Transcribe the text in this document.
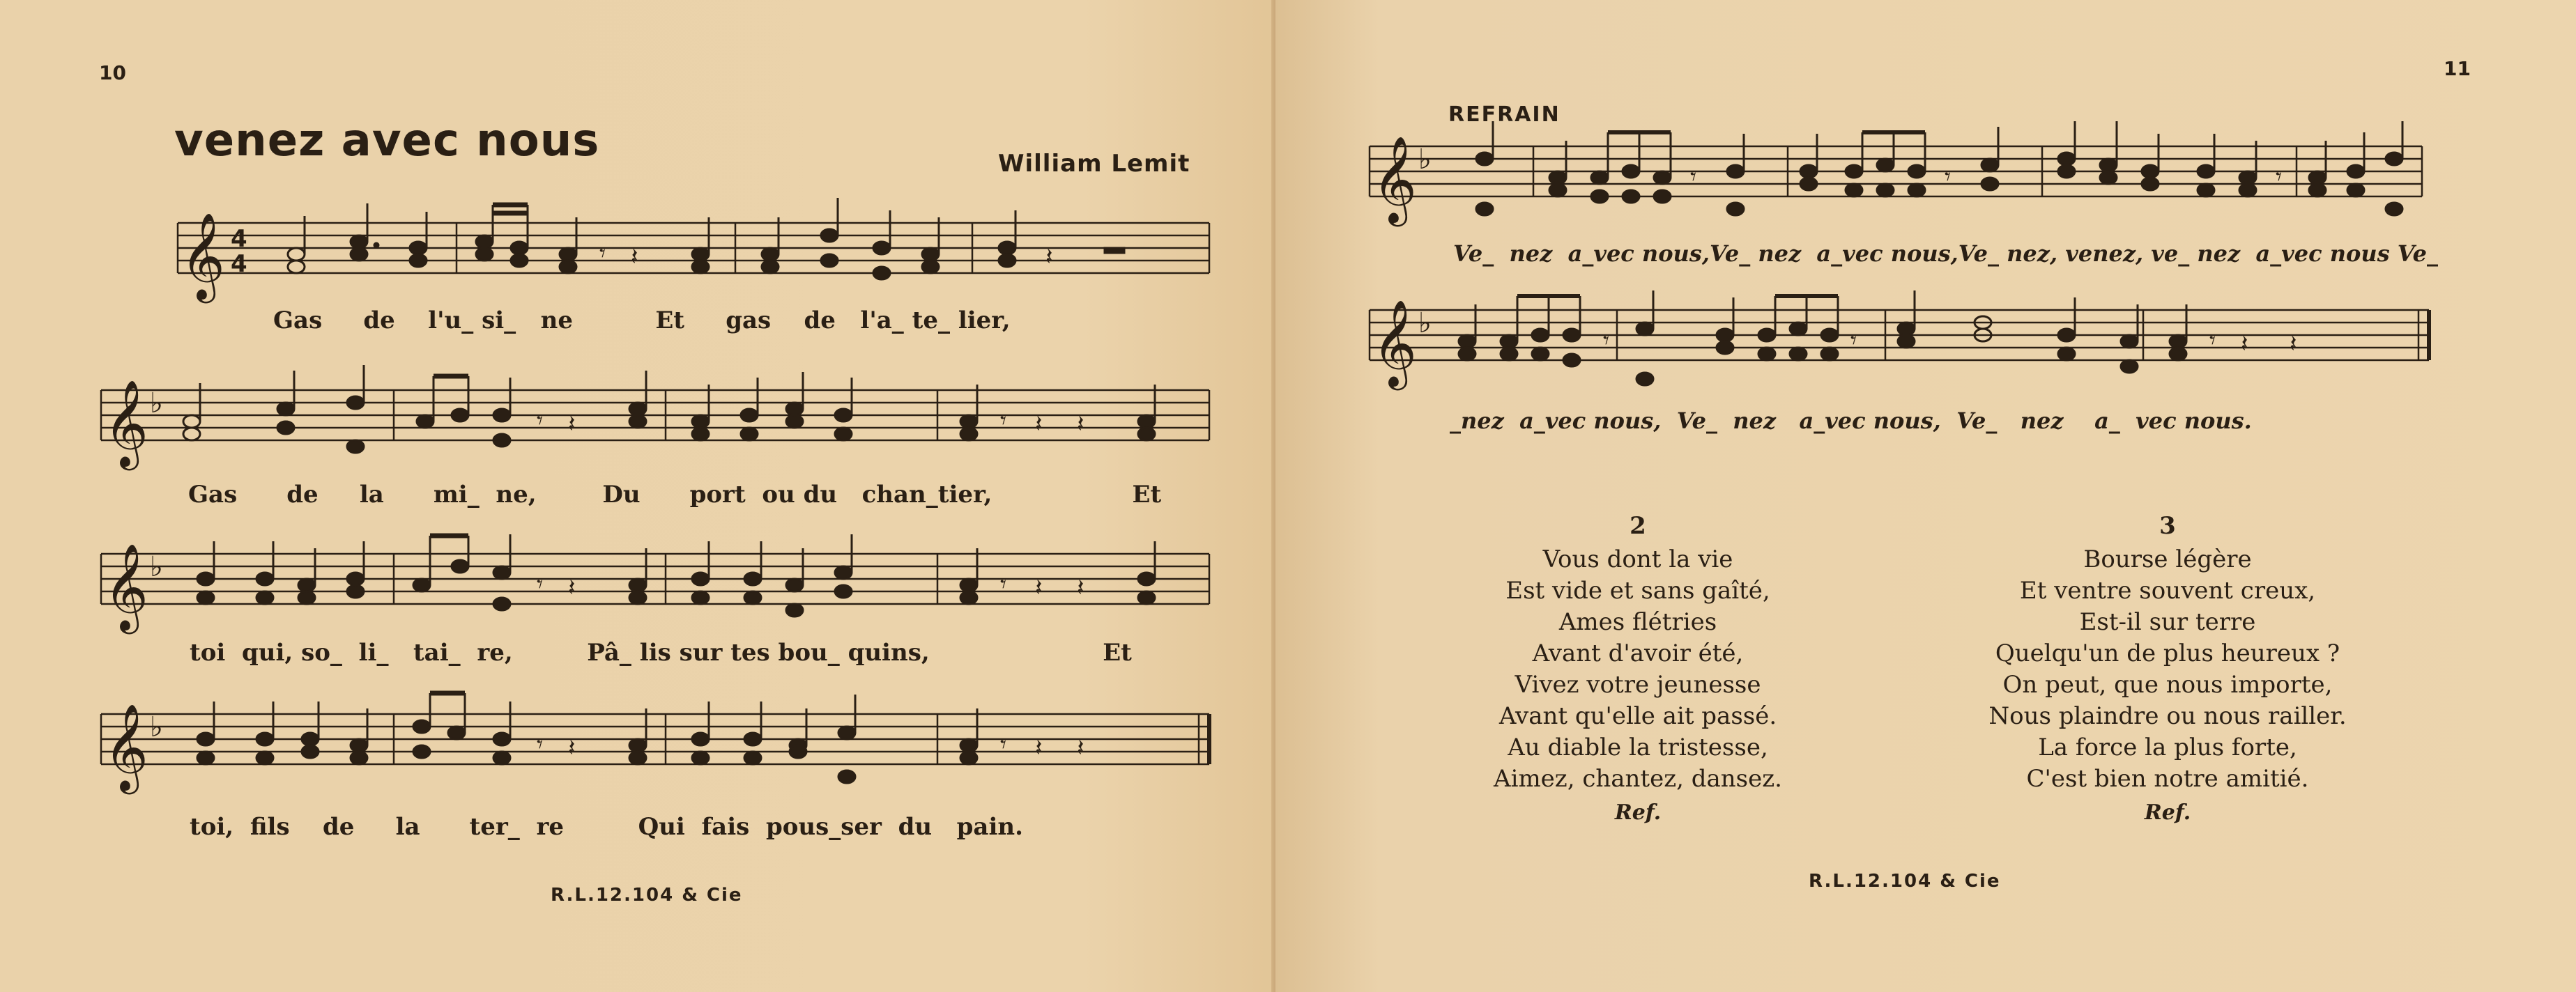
10
venez avec nous	William Lemit
𝄞 4
4	𝄾 𝄽	𝄽
Gas de l'u_ si_ ne	Et gas de l'a_ te_ lier,
𝄞 ♭
𝄾 𝄽	𝄾 𝄽 𝄽
Gas de la mi_ ne,	Du port ou du chan_tier,	Et
𝄞 ♭
𝄾 𝄽	𝄾 𝄽 𝄽
toi qui, so_ li_ tai_ re,	Pâ_ lis sur tes bou_ quins,	Et
𝄞 ♭
𝄾 𝄽	𝄾 𝄽 𝄽
toi, fils de la ter_ re	Qui fais pous_ser du pain.
R.L.12.104 & Cie
11
REFRAIN
𝄞 ♭
𝄾	𝄾	𝄾
Ve_ nez a_vec nous,Ve_ nez a_vec nous,Ve_ nez, venez, ve_ nez a_vec nous Ve_
𝄞 ♭
𝄾	𝄾	𝄾 𝄽 𝄽
_nez a_vec nous, Ve_ nez a_vec nous, Ve_ nez a_ vec nous.
2
Vous dont la vie
Est vide et sans gaîté,
Ames flétries
Avant d'avoir été,
Vivez votre jeunesse
Avant qu'elle ait passé.
Au diable la tristesse,
Aimez, chantez, dansez.
Ref.
3
Bourse légère
Et ventre souvent creux,
Est-il sur terre
Quelqu'un de plus heureux ?
On peut, que nous importe,
Nous plaindre ou nous railler.
La force la plus forte,
C'est bien notre amitié.
Ref.
R.L.12.104 & Cie
